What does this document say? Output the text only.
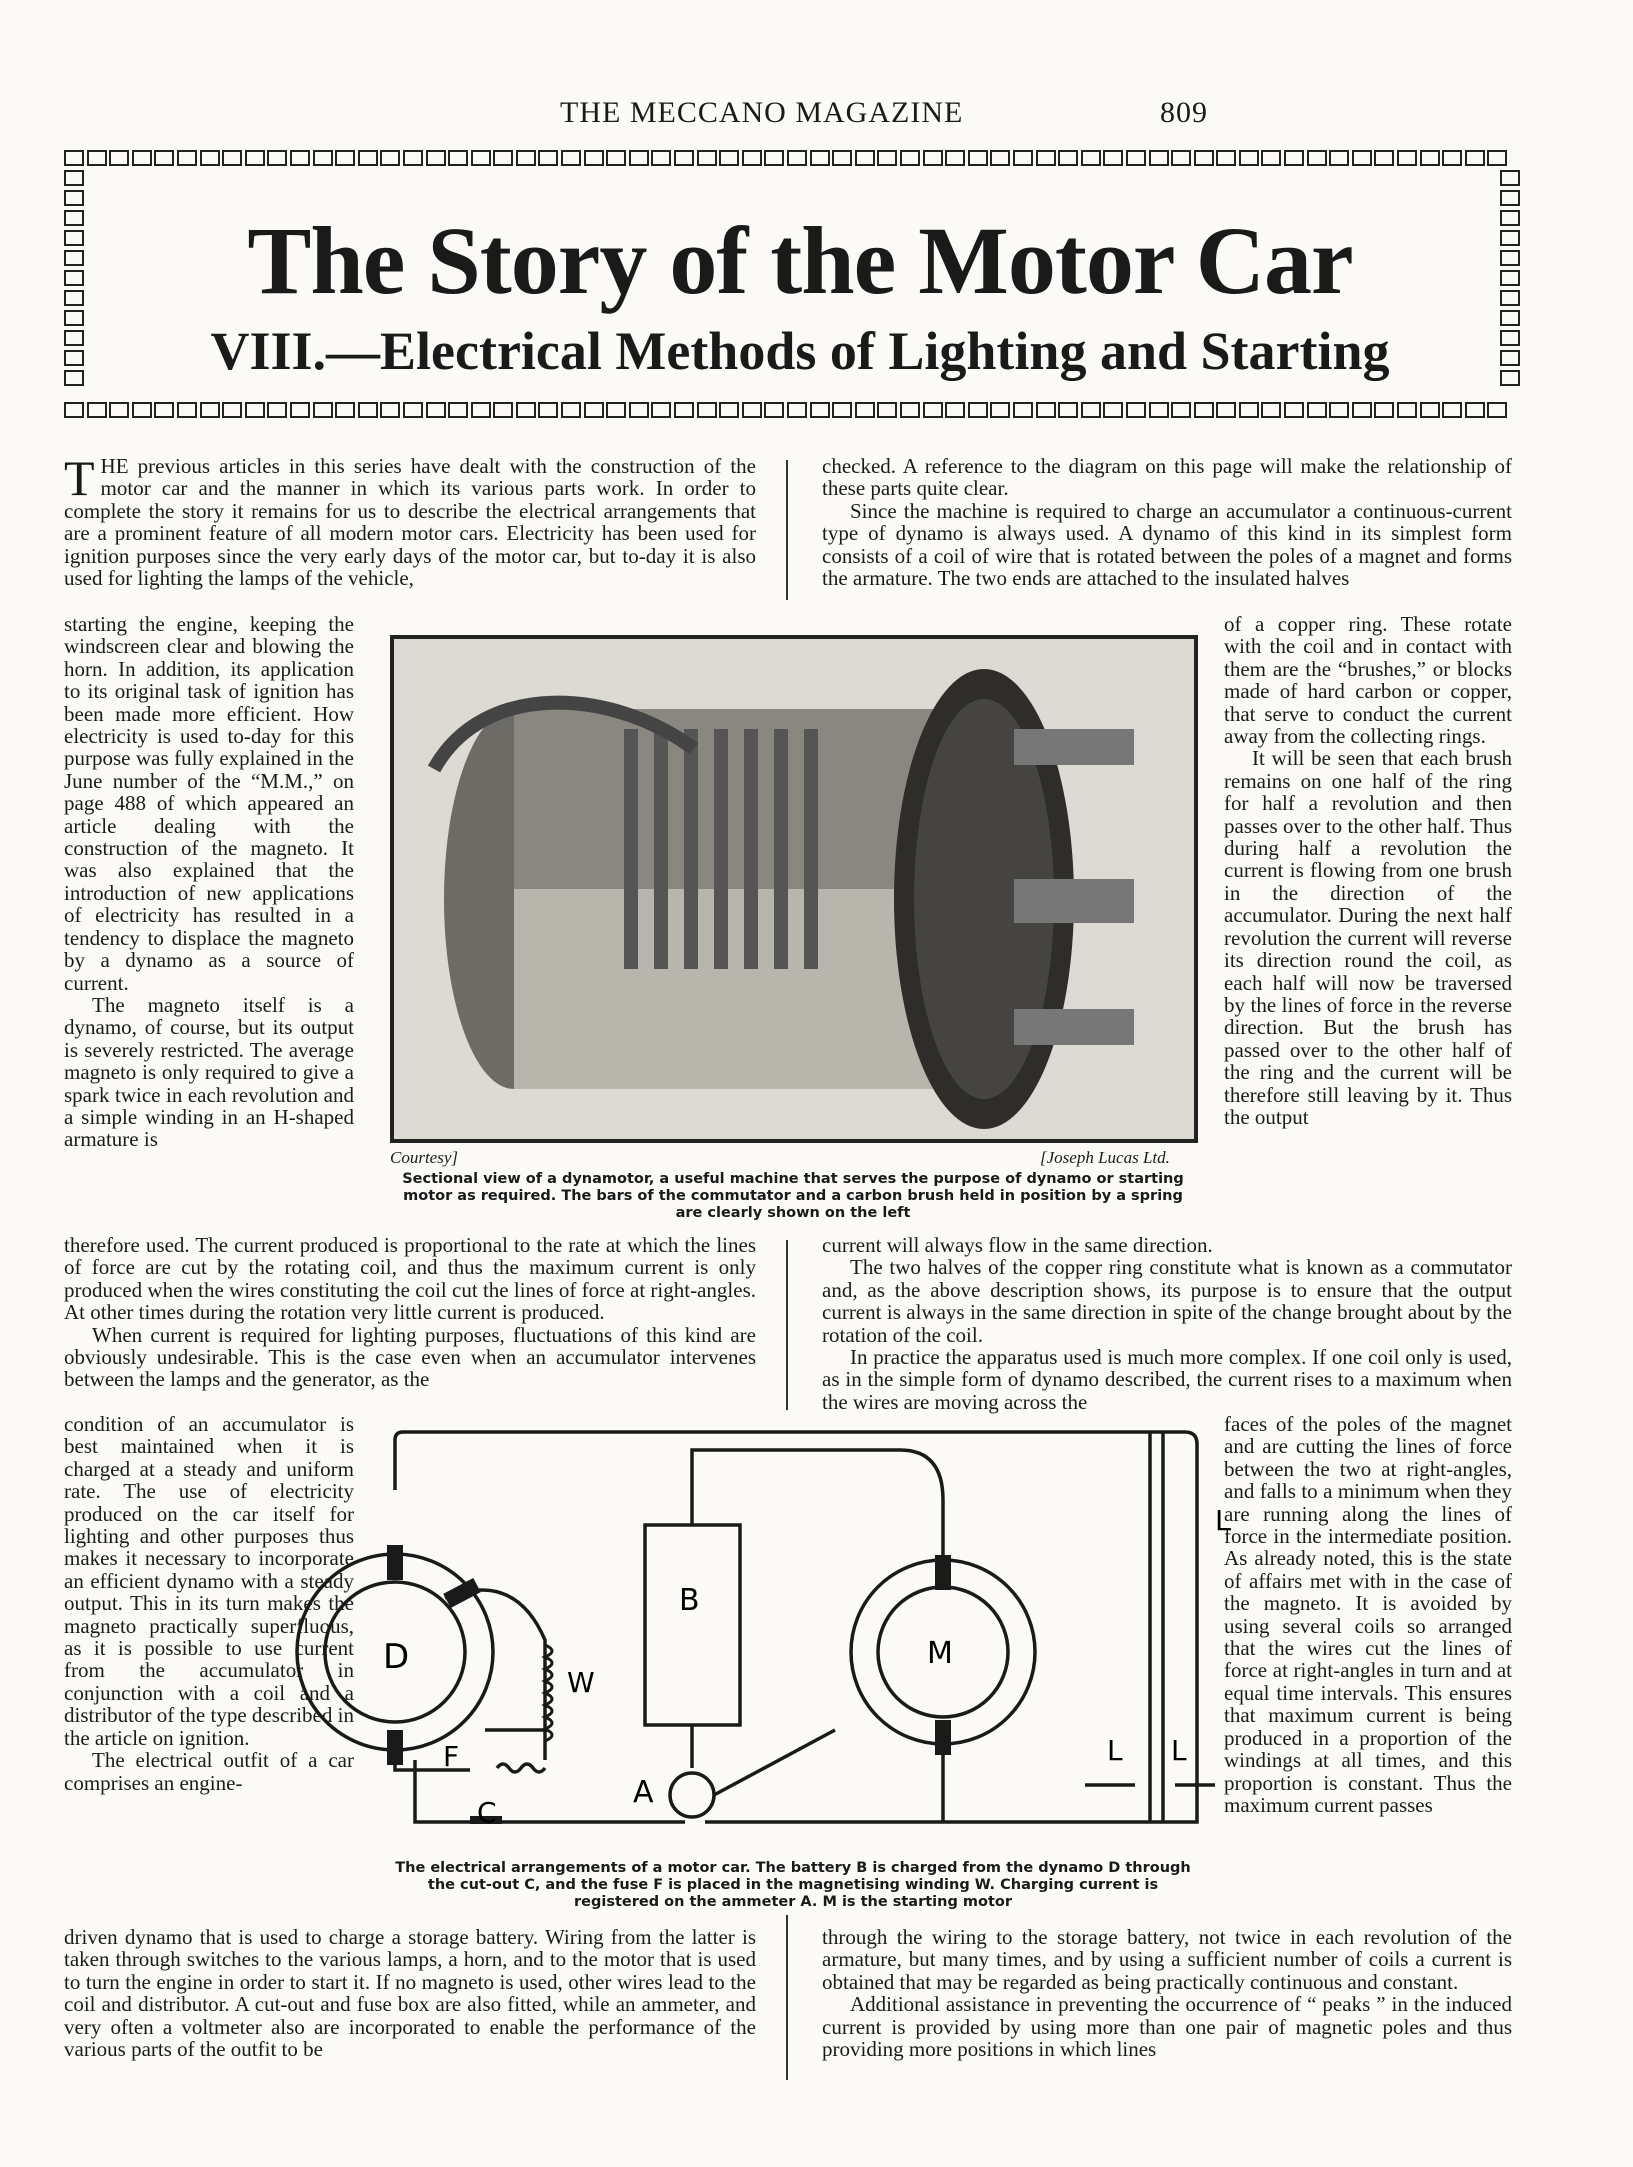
THE MECCANO MAGAZINE	809
The Story of the Motor Car
VIII.—Electrical Methods of Lighting and Starting

THE previous articles in this series have dealt with the construction of the motor car and the manner in which its various parts work. In order to complete the story it remains for us to describe the electrical arrangements that are a prominent feature of all modern motor cars. Electricity has been used for ignition purposes since the very early days of the motor car, but to-day it is also used for lighting the lamps of the vehicle,

starting the engine, keeping the windscreen clear and blowing the horn. In addition, its application to its original task of ignition has been made more efficient. How electricity is used to-day for this purpose was fully explained in the June number of the “M.M.,” on page 488 of which appeared an article dealing with the construction of the magneto. It was also explained that the introduction of new applications of electricity has resulted in a tendency to displace the magneto by a dynamo as a source of current.

The magneto itself is a dynamo, of course, but its output is severely restricted. The average magneto is only required to give a spark twice in each revolution and a simple winding in an H-shaped armature is

therefore used. The current produced is proportional to the rate at which the lines of force are cut by the rotating coil, and thus the maximum current is only produced when the wires constituting the coil cut the lines of force at right-angles. At other times during the rotation very little current is produced.

When current is required for lighting purposes, fluctuations of this kind are obviously undesirable. This is the case even when an accumulator intervenes between the lamps and the generator, as the

condition of an accumulator is best maintained when it is charged at a steady and uniform rate. The use of electricity produced on the car itself for lighting and other purposes thus makes it necessary to incorporate an efficient dynamo with a steady output. This in its turn makes the magneto practically superfluous, as it is possible to use current from the accumulator in conjunction with a coil and a distributor of the type described in the article on ignition.

The electrical outfit of a car comprises an engine-

driven dynamo that is used to charge a storage battery. Wiring from the latter is taken through switches to the various lamps, a horn, and to the motor that is used to turn the engine in order to start it. If no magneto is used, other wires lead to the coil and distributor. A cut-out and fuse box are also fitted, while an ammeter, and very often a voltmeter also are incorporated to enable the performance of the various parts of the outfit to be

checked. A reference to the diagram on this page will make the relationship of these parts quite clear.

Since the machine is required to charge an accumulator a continuous-current type of dynamo is always used. A dynamo of this kind in its simplest form consists of a coil of wire that is rotated between the poles of a magnet and forms the armature. The two ends are attached to the insulated halves

of a copper ring. These rotate with the coil and in contact with them are the “brushes,” or blocks made of hard carbon or copper, that serve to conduct the current away from the collecting rings.

It will be seen that each brush remains on one half of the ring for half a revolution and then passes over to the other half. Thus during half a revolution the current is flowing from one brush in the direction of the accumulator. During the next half revolution the current will reverse its direction round the coil, as each half will now be traversed by the lines of force in the reverse direction. But the brush has passed over to the other half of the ring and the current will be therefore still leaving by it. Thus the output

current will always flow in the same direction.

The two halves of the copper ring constitute what is known as a commutator and, as the above description shows, its purpose is to ensure that the output current is always in the same direction in spite of the change brought about by the rotation of the coil.

In practice the apparatus used is much more complex. If one coil only is used, as in the simple form of dynamo described, the current rises to a maximum when the wires are moving across the

faces of the poles of the magnet and are cutting the lines of force between the two at right-angles, and falls to a minimum when they are running along the lines of force in the intermediate position. As already noted, this is the state of affairs met with in the case of the magneto. It is avoided by using several coils so arranged that the wires cut the lines of force at right-angles in turn and at equal time intervals. This ensures that maximum current is being produced in a proportion of the windings at all times, and this proportion is constant. Thus the maximum current passes

through the wiring to the storage battery, not twice in each revolution of the armature, but many times, and by using a sufficient number of coils a current is obtained that may be regarded as being practically continuous and constant.

Additional assistance in preventing the occurrence of “ peaks ” in the induced current is provided by using more than one pair of magnetic poles and thus providing more positions in which lines

Courtesy]	[Joseph Lucas Ltd.
Sectional view of a dynamotor, a useful machine that serves the purpose of dynamo or starting motor as required. The bars of the commutator and a carbon brush held in position by a spring are clearly shown on the left
D
W
B
M
A
F
C
L L
L
The electrical arrangements of a motor car. The battery B is charged from the dynamo D through the cut-out C, and the fuse F is placed in the magnetising winding W. Charging current is registered on the ammeter A. M is the starting motor
